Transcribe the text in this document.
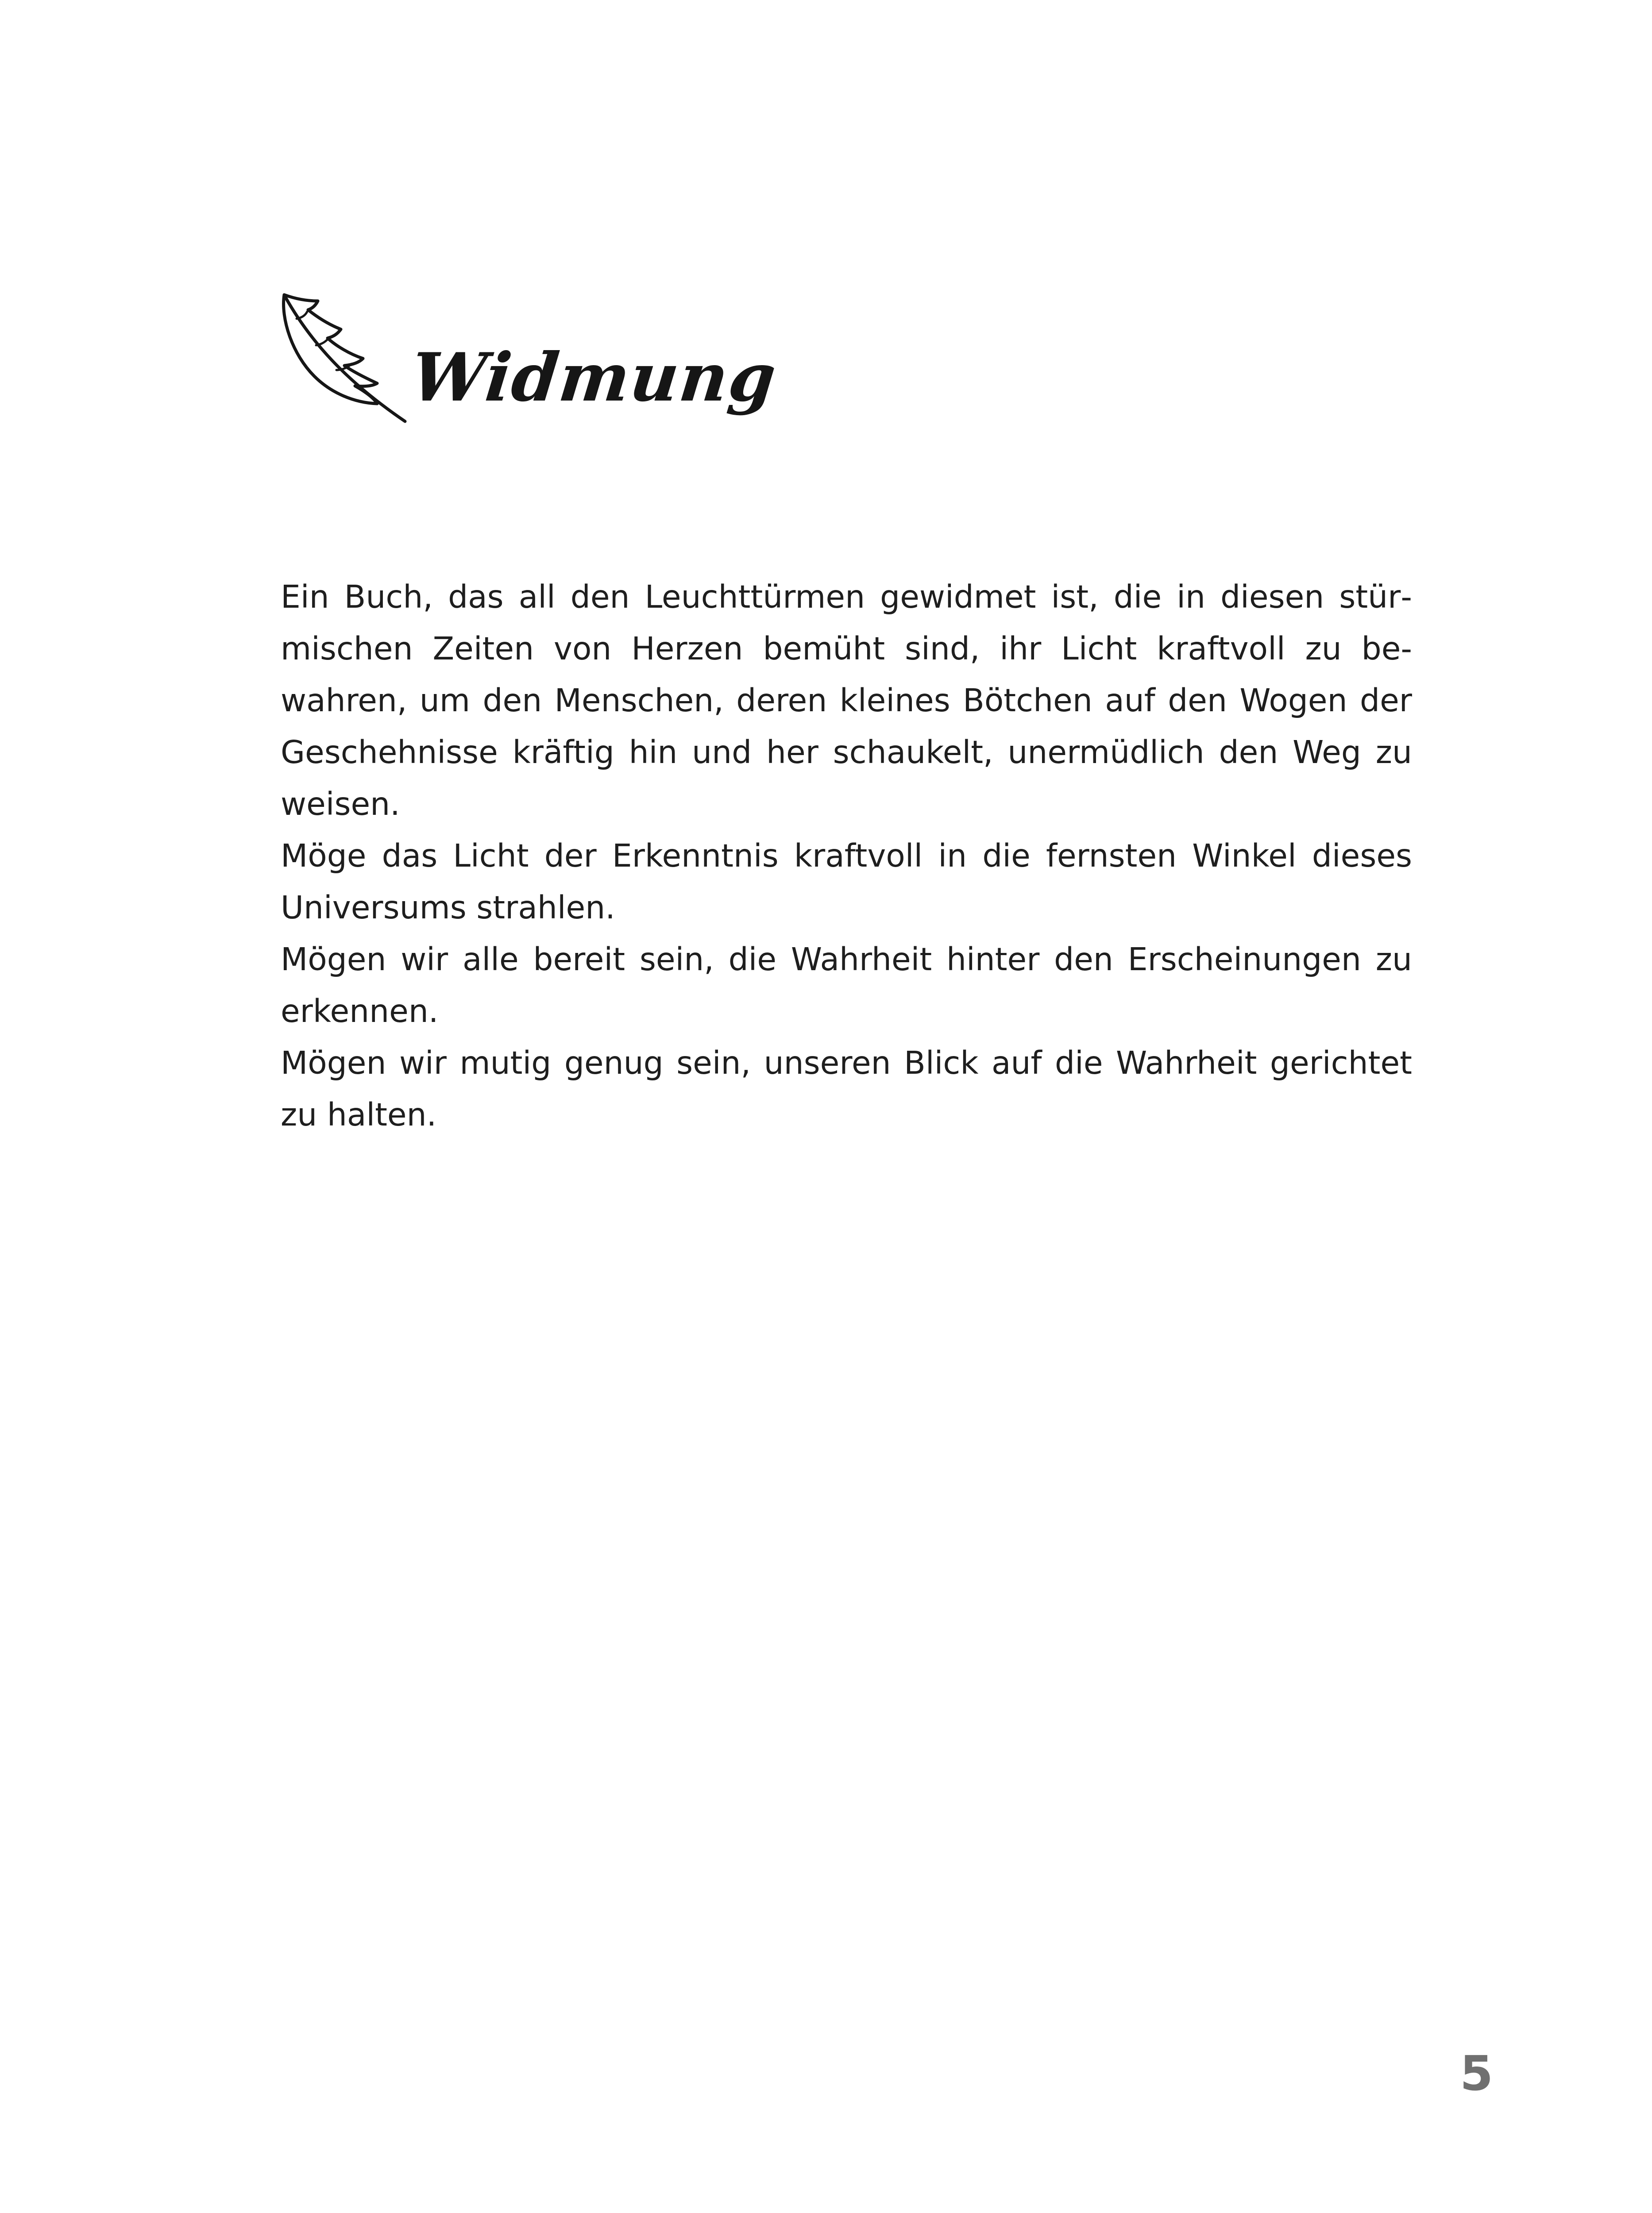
Widmung

Ein Buch, das all den Leuchttürmen gewidmet ist, die in diesen stürmischen Zeiten von Herzen bemüht sind, ihr Licht kraftvoll zu bewahren, um den Menschen, deren kleines Bötchen auf den Wogen der Geschehnisse kräftig hin und her schaukelt, unermüdlich den Weg zu weisen.

Möge das Licht der Erkenntnis kraftvoll in die fernsten Winkel dieses Universums strahlen.

Mögen wir alle bereit sein, die Wahrheit hinter den Erscheinungen zu erkennen.

Mögen wir mutig genug sein, unseren Blick auf die Wahrheit gerichtet zu halten.

5
